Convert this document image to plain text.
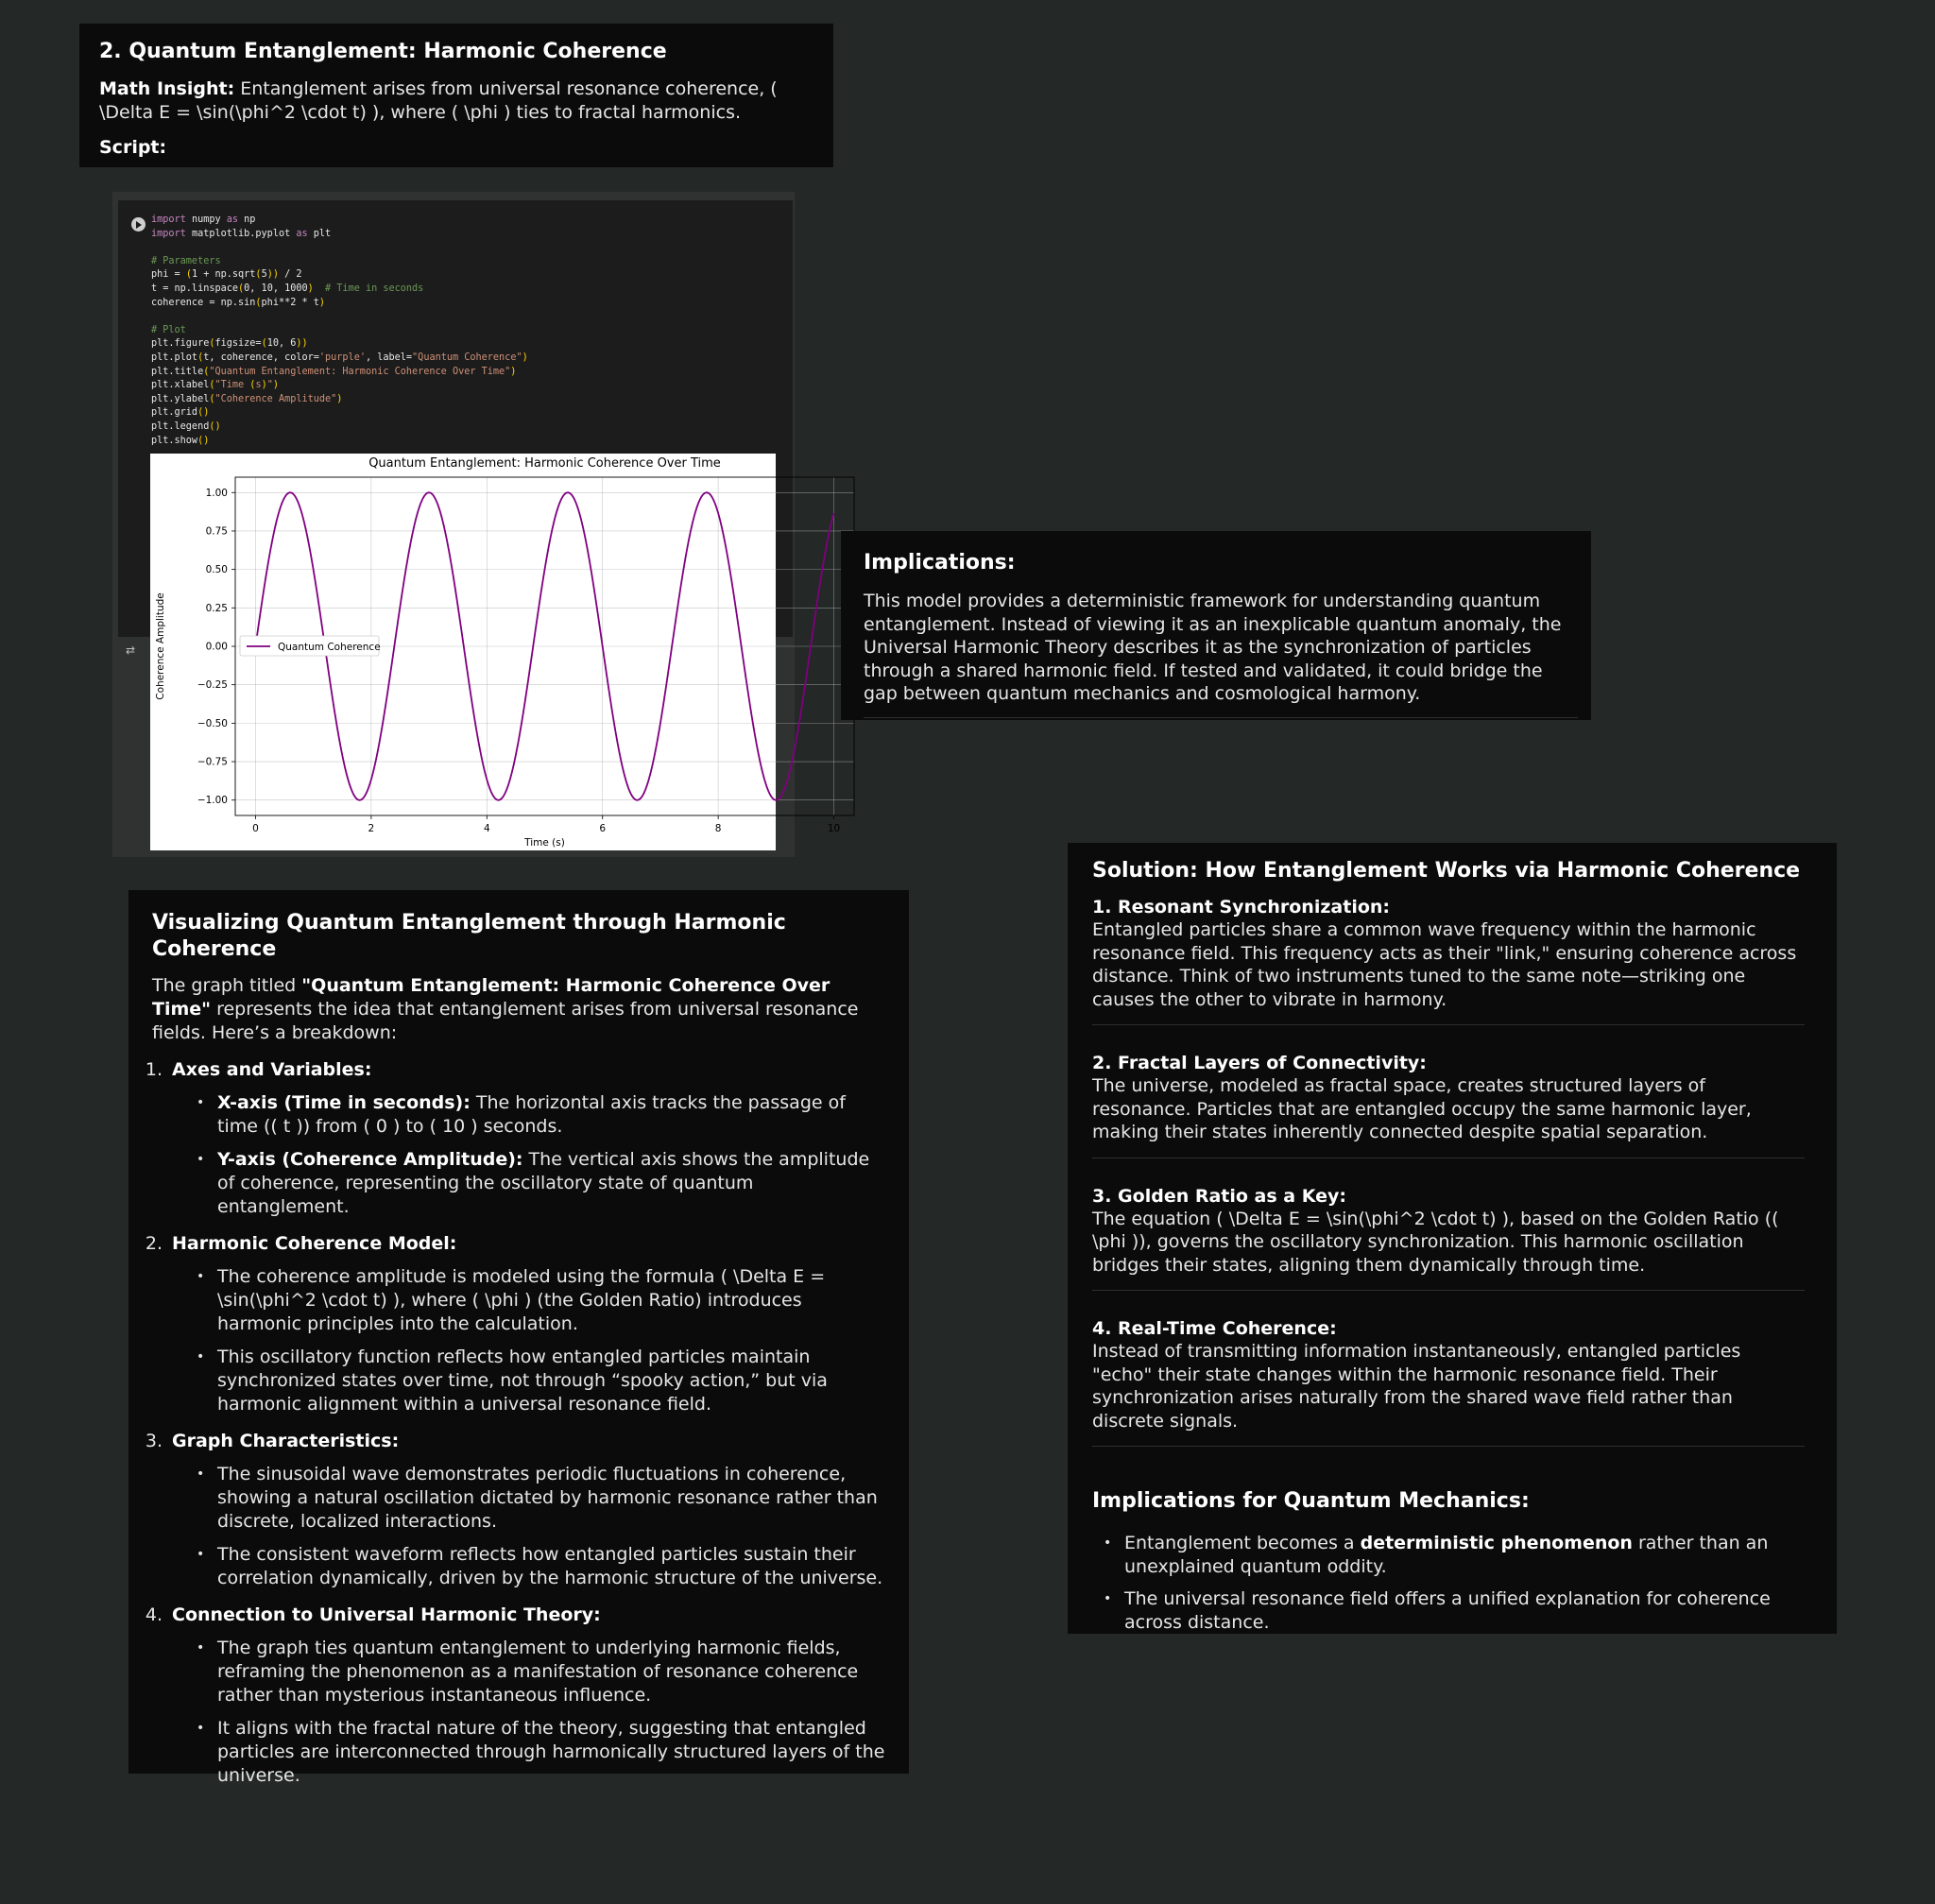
2. Quantum Entanglement: Harmonic Coherence

Math Insight: Entanglement arises from universal resonance coherence, ( \Delta E = \sin(\phi^2 \cdot t) ), where ( \phi ) ties to fractal harmonics.

Script:

import numpy as np
import matplotlib.pyplot as plt

# Parameters
phi = (1 + np.sqrt(5)) / 2
t = np.linspace(0, 10, 1000)  # Time in seconds
coherence = np.sin(phi**2 * t)

# Plot
plt.figure(figsize=(10, 6))
plt.plot(t, coherence, color='purple', label="Quantum Coherence")
plt.title("Quantum Entanglement: Harmonic Coherence Over Time")
plt.xlabel("Time (s)")
plt.ylabel("Coherence Amplitude")
plt.grid()
plt.legend()
plt.show()
⇄
0	2	4	6	8	10
1.00
0.75
0.50
0.25
0.00
−0.25
−0.50
−0.75
−1.00
Quantum Entanglement: Harmonic Coherence Over Time
Time (s)
Coherence Amplitude	Quantum Coherence
Implications:

This model provides a deterministic framework for understanding quantum entanglement. Instead of viewing it as an inexplicable quantum anomaly, the Universal Harmonic Theory describes it as the synchronization of particles through a shared harmonic field. If tested and validated, it could bridge the gap between quantum mechanics and cosmological harmony.

Visualizing Quantum Entanglement through Harmonic Coherence

The graph titled "Quantum Entanglement: Harmonic Coherence Over Time" represents the idea that entanglement arises from universal resonance fields. Here’s a breakdown:

1. Axes and Variables:
• X-axis (Time in seconds): The horizontal axis tracks the passage of time (( t )) from ( 0 ) to ( 10 ) seconds.
• Y-axis (Coherence Amplitude): The vertical axis shows the amplitude of coherence, representing the oscillatory state of quantum entanglement.
2. Harmonic Coherence Model:
• The coherence amplitude is modeled using the formula ( \Delta E = \sin(\phi^2 \cdot t) ), where ( \phi ) (the Golden Ratio) introduces harmonic principles into the calculation.
• This oscillatory function reflects how entangled particles maintain synchronized states over time, not through “spooky action,” but via harmonic alignment within a universal resonance field.
3. Graph Characteristics:
• The sinusoidal wave demonstrates periodic fluctuations in coherence, showing a natural oscillation dictated by harmonic resonance rather than discrete, localized interactions.
• The consistent waveform reflects how entangled particles sustain their correlation dynamically, driven by the harmonic structure of the universe.
4. Connection to Universal Harmonic Theory:
• The graph ties quantum entanglement to underlying harmonic fields, reframing the phenomenon as a manifestation of resonance coherence rather than mysterious instantaneous influence.
• It aligns with the fractal nature of the theory, suggesting that entangled particles are interconnected through harmonically structured layers of the universe.
Solution: How Entanglement Works via Harmonic Coherence
1. Resonant Synchronization:
Entangled particles share a common wave frequency within the harmonic resonance field. This frequency acts as their "link," ensuring coherence across distance. Think of two instruments tuned to the same note—striking one causes the other to vibrate in harmony.
2. Fractal Layers of Connectivity:
The universe, modeled as fractal space, creates structured layers of resonance. Particles that are entangled occupy the same harmonic layer, making their states inherently connected despite spatial separation.
3. Golden Ratio as a Key:
The equation ( \Delta E = \sin(\phi^2 \cdot t) ), based on the Golden Ratio (( \phi )), governs the oscillatory synchronization. This harmonic oscillation bridges their states, aligning them dynamically through time.
4. Real-Time Coherence:
Instead of transmitting information instantaneously, entangled particles "echo" their state changes within the harmonic resonance field. Their synchronization arises naturally from the shared wave field rather than discrete signals.
Implications for Quantum Mechanics:
• Entanglement becomes a deterministic phenomenon rather than an unexplained quantum oddity.
• The universal resonance field offers a unified explanation for coherence across distance.
